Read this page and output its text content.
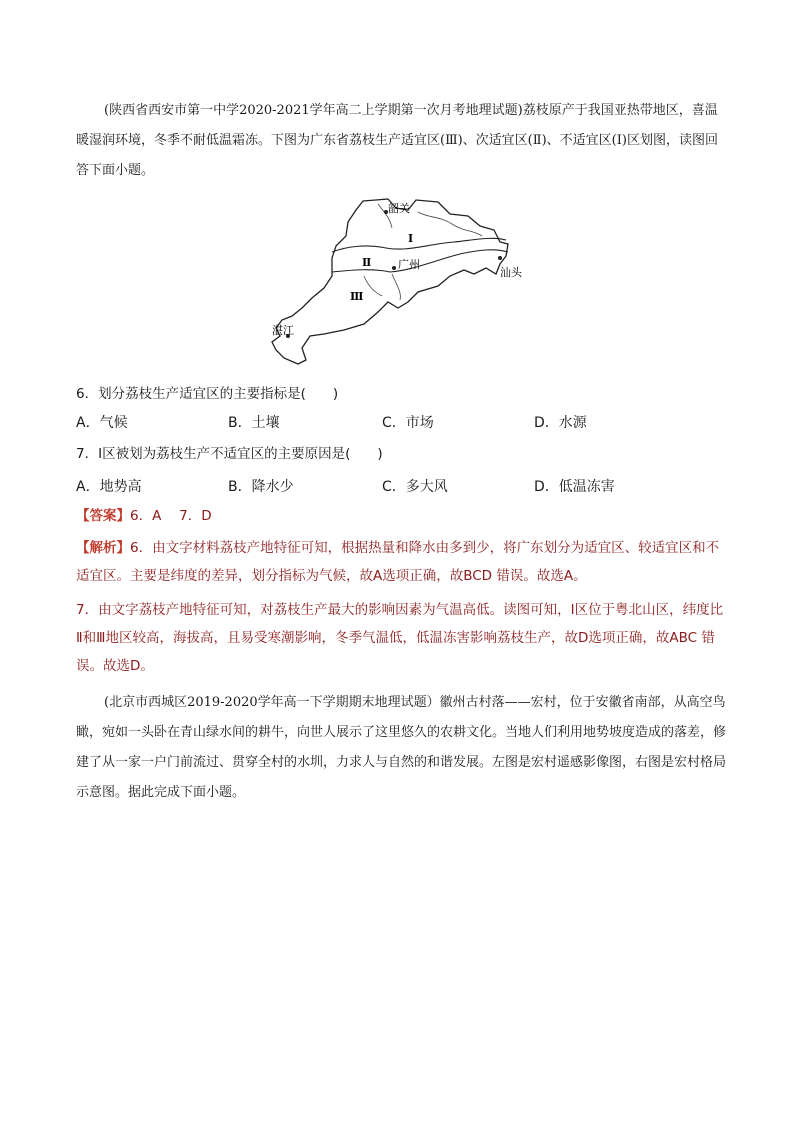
(陕西省西安市第一中学2020-2021学年高二上学期第一次月考地理试题)荔枝原产于我国亚热带地区，喜温暖湿润环境，冬季不耐低温霜冻。下图为广东省荔枝生产适宜区(Ⅲ)、次适宜区(Ⅱ)、不适宜区(Ⅰ)区划图，读图回答下面小题。
Ⅰ
Ⅱ
Ⅲ
韶关
广州
汕头
湛江
6．划分荔枝生产适宜区的主要指标是(　　)
A．气候	B．土壤	C．市场	D．水源
7．Ⅰ区被划为荔枝生产不适宜区的主要原因是(　　)
A．地势高	B．降水少	C．多大风	D．低温冻害
【答案】6．A　 7．D
【解析】6．由文字材料荔枝产地特征可知，根据热量和降水由多到少，将广东划分为适宜区、较适宜区和不适宜区。主要是纬度的差异，划分指标为气候，故A选项正确，故BCD 错误。故选A。
7．由文字荔枝产地特征可知，对荔枝生产最大的影响因素为气温高低。读图可知，Ⅰ区位于粤北山区，纬度比Ⅱ和Ⅲ地区较高，海拔高，且易受寒潮影响，冬季气温低，低温冻害影响荔枝生产，故D选项正确，故ABC 错误。故选D。
(北京市西城区2019-2020学年高一下学期期末地理试题）徽州古村落——宏村，位于安徽省南部，从高空鸟瞰，宛如一头卧在青山绿水间的耕牛，向世人展示了这里悠久的农耕文化。当地人们利用地势坡度造成的落差，修建了从一家一户门前流过、贯穿全村的水圳，力求人与自然的和谐发展。左图是宏村遥感影像图，右图是宏村格局示意图。据此完成下面小题。
